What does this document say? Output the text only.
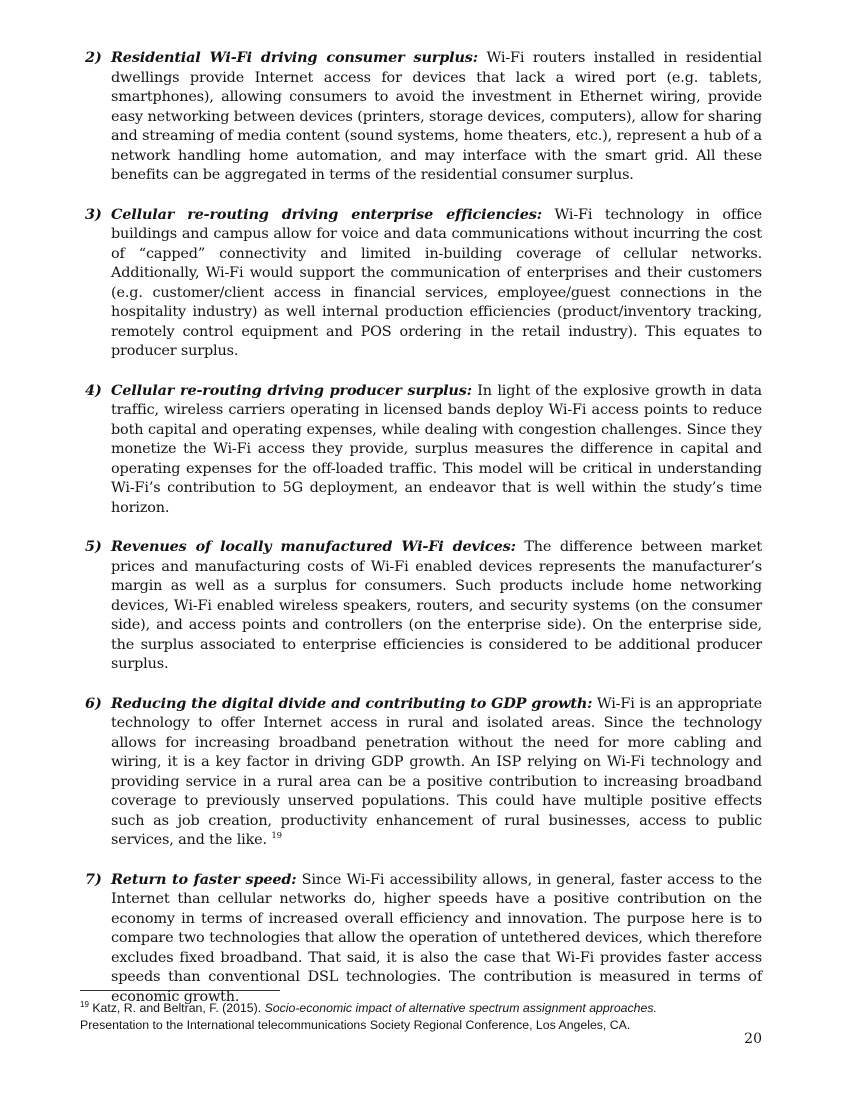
2) Residential Wi-Fi driving consumer surplus: Wi-Fi routers installed in residential dwellings provide Internet access for devices that lack a wired port (e.g. tablets, smartphones), allowing consumers to avoid the investment in Ethernet wiring, provide easy networking between devices (printers, storage devices, computers), allow for sharing and streaming of media content (sound systems, home theaters, etc.), represent a hub of a network handling home automation, and may interface with the smart grid. All these benefits can be aggregated in terms of the residential consumer surplus.

3) Cellular re-routing driving enterprise efficiencies: Wi-Fi technology in office buildings and campus allow for voice and data communications without incurring the cost of “capped” connectivity and limited in-building coverage of cellular networks. Additionally, Wi-Fi would support the communication of enterprises and their customers (e.g. customer/client access in financial services, employee/guest connections in the hospitality industry) as well internal production efficiencies (product/inventory tracking, remotely control equipment and POS ordering in the retail industry). This equates to producer surplus.

4) Cellular re-routing driving producer surplus: In light of the explosive growth in data traffic, wireless carriers operating in licensed bands deploy Wi-Fi access points to reduce both capital and operating expenses, while dealing with congestion challenges. Since they monetize the Wi-Fi access they provide, surplus measures the difference in capital and operating expenses for the off-loaded traffic. This model will be critical in understanding Wi-Fi’s contribution to 5G deployment, an endeavor that is well within the study’s time horizon.

5) Revenues of locally manufactured Wi-Fi devices: The difference between market prices and manufacturing costs of Wi-Fi enabled devices represents the manufacturer’s margin as well as a surplus for consumers. Such products include home networking devices, Wi-Fi enabled wireless speakers, routers, and security systems (on the consumer side), and access points and controllers (on the enterprise side). On the enterprise side, the surplus associated to enterprise efficiencies is considered to be additional producer surplus.

6) Reducing the digital divide and contributing to GDP growth: Wi-Fi is an appropriate technology to offer Internet access in rural and isolated areas. Since the technology allows for increasing broadband penetration without the need for more cabling and wiring, it is a key factor in driving GDP growth. An ISP relying on Wi-Fi technology and providing service in a rural area can be a positive contribution to increasing broadband coverage to previously unserved populations. This could have multiple positive effects such as job creation, productivity enhancement of rural businesses, access to public services, and the like. $^{19}$

7) Return to faster speed: Since Wi-Fi accessibility allows, in general, faster access to the Internet than cellular networks do, higher speeds have a positive contribution on the economy in terms of increased overall efficiency and innovation. The purpose here is to compare two technologies that allow the operation of untethered devices, which therefore excludes fixed broadband. That said, it is also the case that Wi-Fi provides faster access speeds than conventional DSL technologies. The contribution is measured in terms of economic growth.

$^{19}$ Katz, R. and Beltran, F. (2015). Socio-economic impact of alternative spectrum assignment approaches.
Presentation to the International telecommunications Society Regional Conference, Los Angeles, CA.
20
